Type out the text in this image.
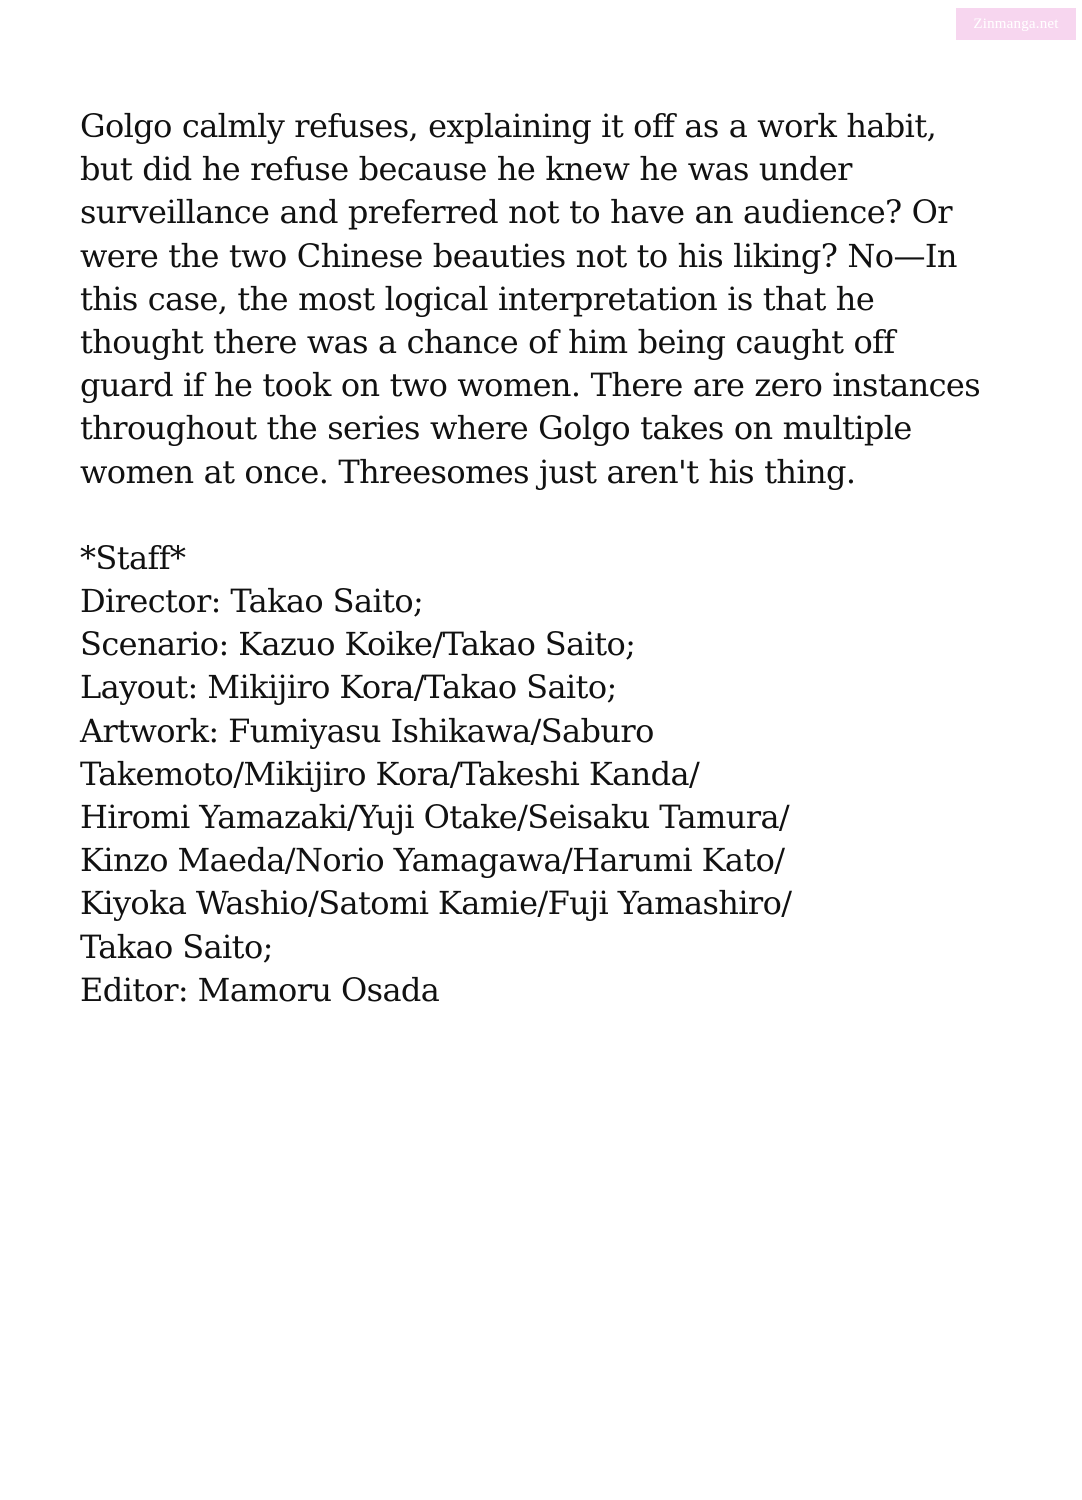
Zinmanga.net
Golgo calmly refuses, explaining it off as a work habit,
but did he refuse because he knew he was under
surveillance and preferred not to have an audience? Or
were the two Chinese beauties not to his liking? No—In
this case, the most logical interpretation is that he
thought there was a chance of him being caught off
guard if he took on two women. There are zero instances
throughout the series where Golgo takes on multiple
women at once. Threesomes just aren't his thing.
*Staff*
Director: Takao Saito;
Scenario: Kazuo Koike/Takao Saito;
Layout: Mikijiro Kora/Takao Saito;
Artwork: Fumiyasu Ishikawa/Saburo
Takemoto/Mikijiro Kora/Takeshi Kanda/
Hiromi Yamazaki/Yuji Otake/Seisaku Tamura/
Kinzo Maeda/Norio Yamagawa/Harumi Kato/
Kiyoka Washio/Satomi Kamie/Fuji Yamashiro/
Takao Saito;
Editor: Mamoru Osada
